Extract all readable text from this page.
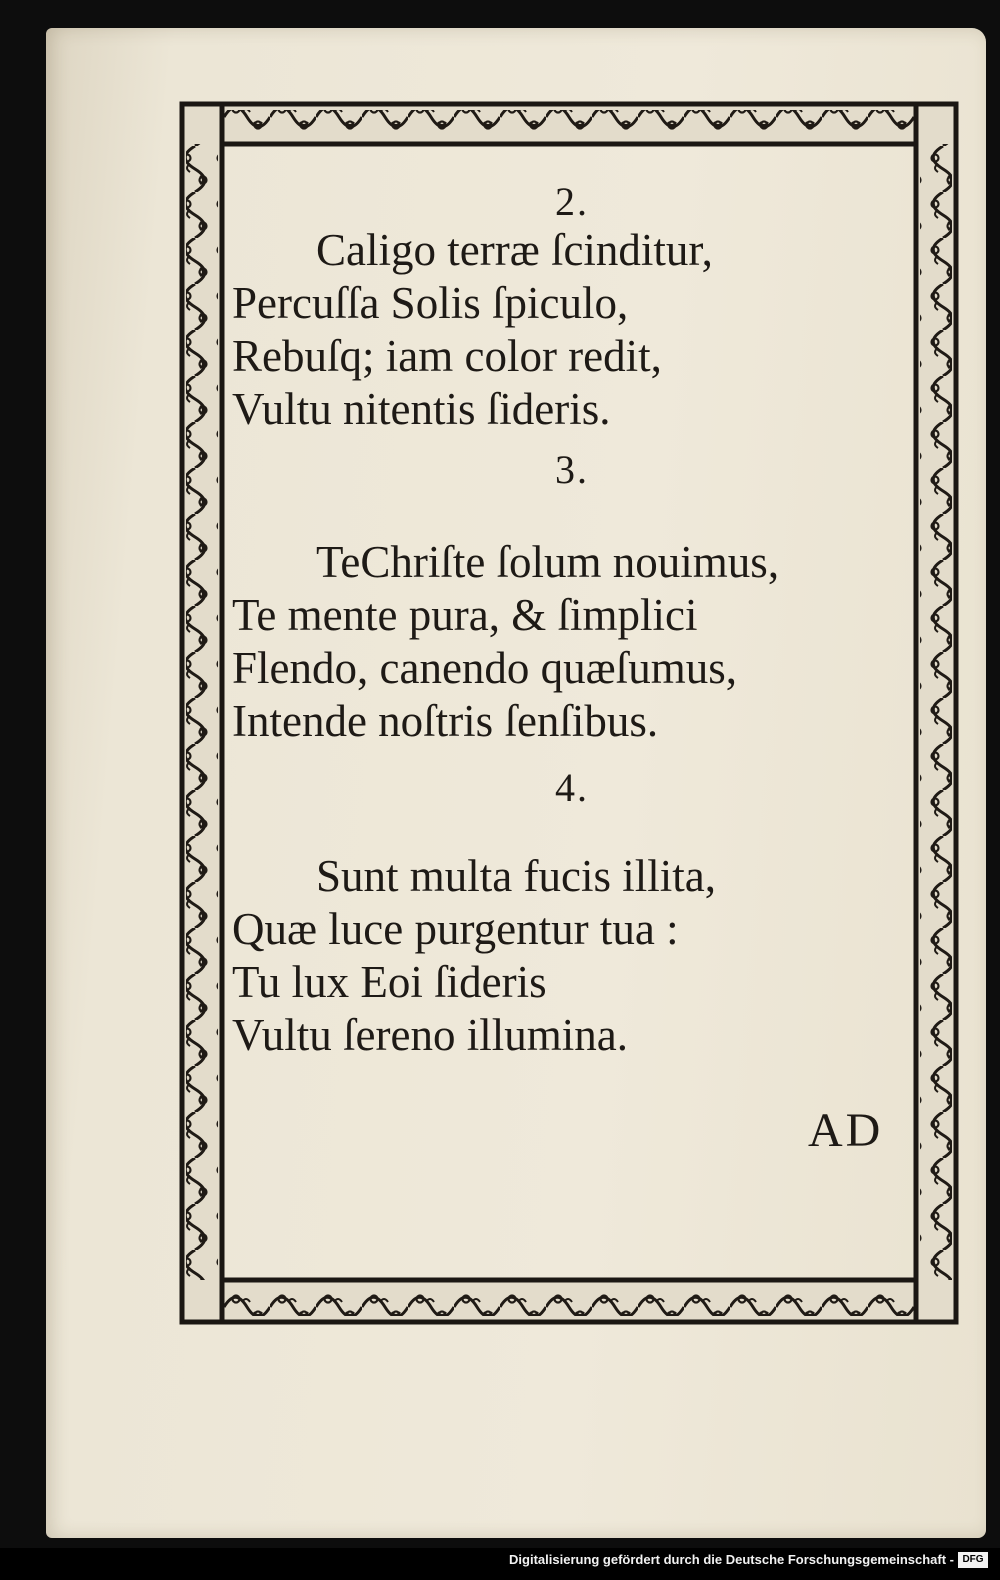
2.
Caligo terræ ſcinditur,
Percuſſa Solis ſpiculo,
Rebuſq; iam color redit,
Vultu nitentis ſideris.
3.
TeChriſte ſolum nouimus,
Te mente pura, & ſimplici
Flendo, canendo quæſumus,
Intende noſtris ſenſibus.
4.
Sunt multa fucis illita,
Quæ luce purgentur tua :
Tu lux Eoi ſideris
Vultu ſereno illumina.
AD
Digitalisierung gefördert durch die Deutsche Forschungsgemeinschaft - DFG
